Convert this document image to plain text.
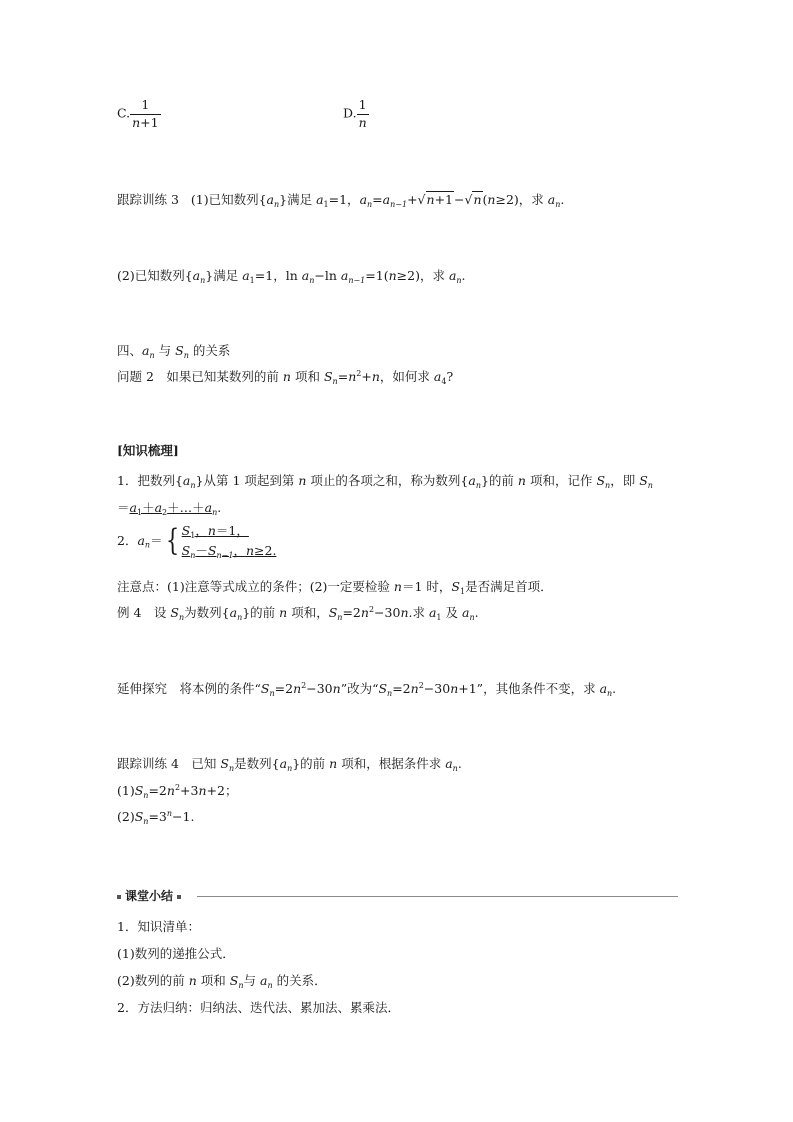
C. $\frac{1}{n+1}$	D. $\frac{1}{n}$
跟踪训练 3 (1)已知数列$\{a_n\}$满足 $a_1=1$，$a_n=a_{n-1}+√n+1-√n(n\ge 2)$，求 $a_n$.
(2)已知数列$\{a_n\}$满足 $a_1=1$，$\ln a_n-\ln$ $a_{n-1}=1(n\ge 2)$，求 $a_n$.
四、$a_n$ 与 $S_n$ 的关系
问题 2　如果已知某数列的前 n 项和 $S_n=n^2+n$，如何求 $a_4$?
[知识梳理]
1．把数列$\{a_n\}$从第 1 项起到第 n 项止的各项之和，称为数列$\{a_n\}$的前 n 项和，记作 $S_n$，即 $S_n$
$=a_1+a_2+\dots+a_n$.
2．$a_n=\{ \frac{S_1,n=1,}{S_n-S_{n-1},n\ge 2.}$
注意点：(1)注意等式成立的条件；(2)一定要检验 n＝1 时，$S_1$是否满足首项．
例 4　设 $S_n$为数列$\{a_n\}$的前 n 项和，$S_n=2n^2-30n$.求 $a_1$ 及 $a_n$.
延伸探究　将本例的条件“$S_n=2n^2-30n$”改为“$S_n=2n^2-30n+1$”，其他条件不变，求 $a_n$.
跟踪训练 4　已知 $S_n$是数列$\{a_n\}$的前 n 项和，根据条件求 $a_n$.
$(1)S_n=2n^2+3n+2$；
$(2)S_n=3^n-1$.
课堂小结
1．知识清单：
(1)数列的递推公式．
(2)数列的前 n 项和 $S_n$与 $a_n$ 的关系．
2．方法归纳：归纳法、迭代法、累加法、累乘法．
